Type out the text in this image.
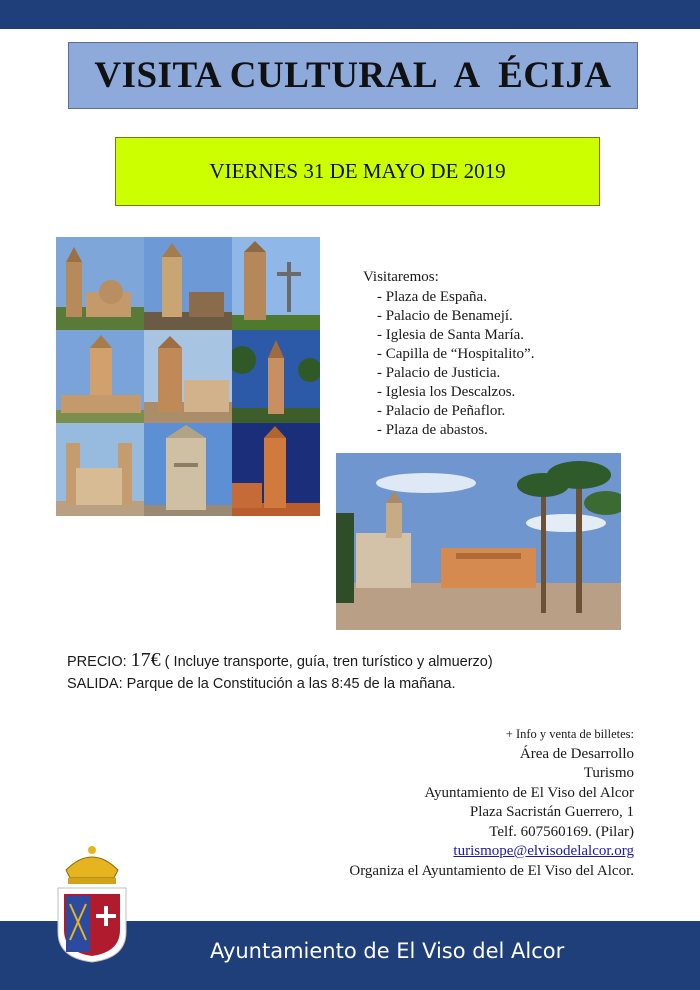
VISITA CULTURAL  A  ÉCIJA
VIERNES 31 DE MAYO DE 2019
Visitaremos:
- Plaza de España.
- Palacio de Benamejí.
- Iglesia de Santa María.
- Capilla de “Hospitalito”.
- Palacio de Justicia.
- Iglesia los Descalzos.
- Palacio de Peñaflor.
- Plaza de abastos.
PRECIO: 17€ ( Incluye transporte, guía, tren turístico y almuerzo)
SALIDA: Parque de la Constitución a las 8:45 de la mañana.
+ Info y venta de billetes:
Área de Desarrollo
Turismo
Ayuntamiento de El Viso del Alcor
Plaza Sacristán Guerrero, 1
Telf. 607560169. (Pilar)
turismope@elvisodelalcor.org
Organiza el Ayuntamiento de El Viso del Alcor.
Ayuntamiento de El Viso del Alcor
